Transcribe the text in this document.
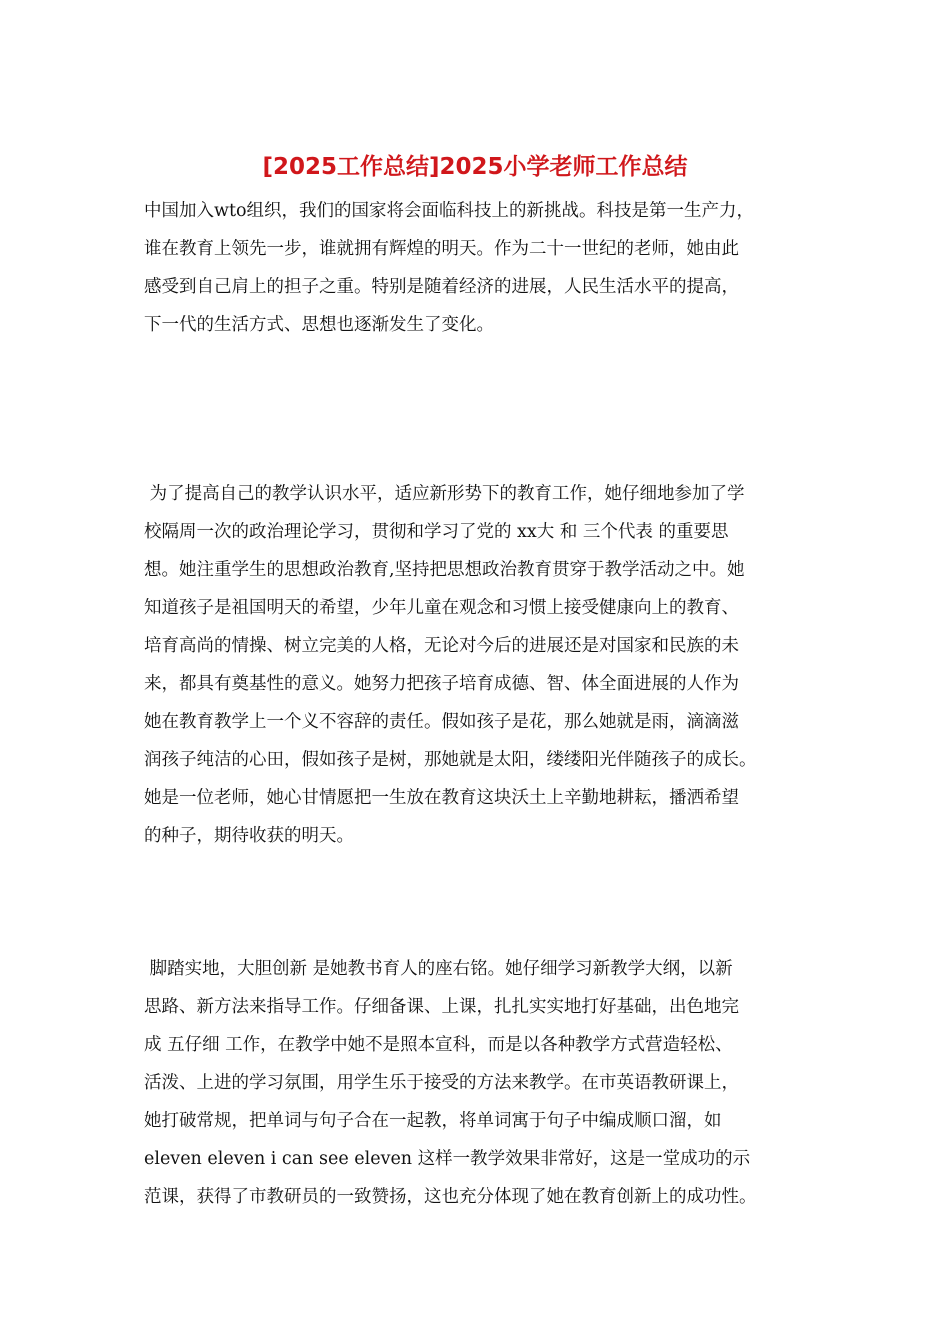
[2025工作总结]2025小学老师工作总结
中国加入wto组织，我们的国家将会面临科技上的新挑战。科技是第一生产力，
谁在教育上领先一步，谁就拥有辉煌的明天。作为二十一世纪的老师，她由此
感受到自己肩上的担子之重。特别是随着经济的进展，人民生活水平的提高，
下一代的生活方式、思想也逐渐发生了变化。
为了提高自己的教学认识水平，适应新形势下的教育工作，她仔细地参加了学
校隔周一次的政治理论学习，贯彻和学习了党的 xx大 和 三个代表 的重要思
想。她注重学生的思想政治教育,坚持把思想政治教育贯穿于教学活动之中。她
知道孩子是祖国明天的希望，少年儿童在观念和习惯上接受健康向上的教育、
培育高尚的情操、树立完美的人格，无论对今后的进展还是对国家和民族的未
来，都具有奠基性的意义。她努力把孩子培育成德、智、体全面进展的人作为
她在教育教学上一个义不容辞的责任。假如孩子是花，那么她就是雨，滴滴滋
润孩子纯洁的心田，假如孩子是树，那她就是太阳，缕缕阳光伴随孩子的成长。
她是一位老师，她心甘情愿把一生放在教育这块沃土上辛勤地耕耘，播洒希望
的种子，期待收获的明天。
脚踏实地，大胆创新 是她教书育人的座右铭。她仔细学习新教学大纲，以新
思路、新方法来指导工作。仔细备课、上课，扎扎实实地打好基础，出色地完
成 五仔细 工作，在教学中她不是照本宣科，而是以各种教学方式营造轻松、
活泼、上进的学习氛围，用学生乐于接受的方法来教学。在市英语教研课上，
她打破常规，把单词与句子合在一起教，将单词寓于句子中编成顺口溜，如
eleven eleven i can see eleven 这样一教学效果非常好，这是一堂成功的示
范课，获得了市教研员的一致赞扬，这也充分体现了她在教育创新上的成功性。
